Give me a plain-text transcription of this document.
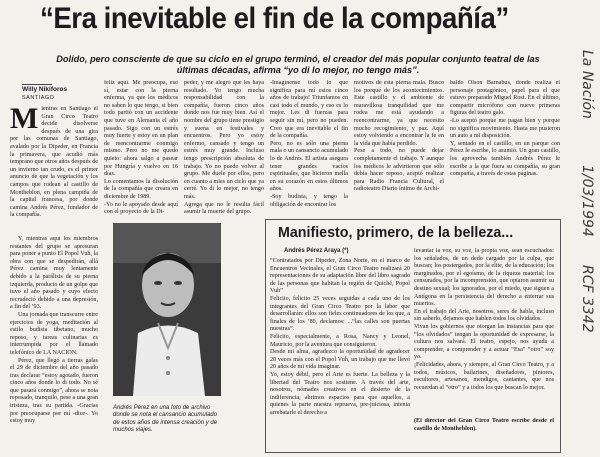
“Era inevitable el fin de la compañía”
Dolido, pero consciente de que su ciclo en el grupo terminó, el creador del más popular conjunto teatral de las últimas décadas, afirma “yo di lo mejor, no tengo más”.
Willy Nikiforos
SANTIAGO
Mientras en Santiago el Gran Circo Teatro decide disolverse después de una gira por las comunas de Santiago, avalado por la Dipeder, en Francia la primavera, que acudió más temprano que otros años después de un invierno tan crudo, es el primer anuncio de que la vegetación y los campos que rodean al castillo de Montheblon, en plena campiña de la capital francesa, por donde camina Andrés Pérez, fundador de la compañía.

Y, mientras aquí los miembros restantes del grupo se apresuran para poner a punto El Popol Vuh, la obra con que se despedirán, allá Pérez camina muy lentamente debido a la parálisis de su pierna izquierda, producto de un golpe que tuvo el año pasado y cuyo efecto recrudeció debido a una depresión, a fin del ’93.

Una jornada que transcurre entre ejercicios de yoga, meditación al estilo budista tibetano, mucho reposo, y tareas culinarias es interrumpida por el llamado telefónico de LA NACION.

Pérez, que llegó a tierras galas el 29 de diciembre del año pasado tras declarar “estoy agotado, fueron cinco años donde lo di todo. No sé que pasará conmigo”, ahora se nota reposado, tranquilo, pese a una gran tristeza, tras su partida. -Gracias por preocuparse por mí -dice-. Yo estoy muy

feliz aquí. Me preocupa, eso sí, estar con la pierna enferma, ya que los médicos no saben lo que tengo, si bien todo partió con un accidente que tuve en Alemania el año pasado. Sigo con un estrés muy fuerte y estoy en un plan de reencontrarme conmigo mismo. Pero no me quedo quieto: ahora salgo a pasear por Hungría y vuelvo en 16 días.
Lo comentamos la disolución de la compañía que creara en diciembre de 1989.
-Yo no le apoyado desde aquí con el proyecto de la Di-

peder, y me alegró que les haya resultado. Yo tengo mucha responsabilidad con la compañía, fueron cinco años donde nos fue muy bien. Así el nombre del grupo tiene prestigio y suena en festivales y encuentros. Pero yo estoy enfermo, cansado y tengo un estrés muy grande. Incluso tengo prescripción absoluta de trabajo. Yo no puedo volver al grupo. Me duele por ellos, pero en cuanto a mies un ciclo que ya cerré. Yo di lo mejor, no tengo más.
Agrega que no le resulta fácil asumir la muerte del grupo.

-Imagínense todo lo que significa para mí estos cinco años de trabajo! Triunfamos en casi todo el mundo, y eso es lo mejor. Les di fuerzas para seguir sin mí, pero no pueden. Creo que era inevitable el fin de la compañía.
Pero, no es sólo una pierna mala o un cansancio acumulado lo de Andrés. El artista asegura tener grandes vacíos espirituales, que hicieron mella en su corazón en estos últimos años.
-Soy budista, y tengo la obligación de encontrar los

motivos de esta pierna mala. Busco los porqué de los acontecimientos. Este castillo y el ambiente de maravillosa tranquilidad que me rodea me está ayudando a reencontrarme, ya que necesito mucho recogimiento, y paz. Aquí estoy volviendo a encontrar la fe en la vida que había perdido.
Pese a todo, no puede dejar completamente el trabajo. Y aunque los médicos le advirtieron que sólo debía hacer reposo, aceptó realizar para Radio Francia Cultural, el radioteatro Diario íntimo de Archi-

baldo Olson Barnabus, donde realiza el personaje protagónico, papel para el que estuvo preparado Miguel Rost. En el último, compartir micrófono con nueve primeras figuras del teatro galo.
-Lo aceptó porque me pagan bien y porque no significa movimiento. Hasta me pusieron un auto a mi disposición.
Y, sentado en el castillo, en un parque con Pérez le escribe, lo asumió. Un gran castillo, los aprovecha también Andrés Pérez le escribe a la que fuera su compañía, su gran compañía, a través de estas páginas.

Andrés Pérez en una foto de archivo donde se nota el cansancio acumulado de estos años de intensa creación y de muchos viajes.
Manifiesto, primero, de la belleza...
Andrés Pérez Araya (*)

“Contratados por Dipeder, Zona Norte, en el marco de Encuentros Vecinales, el Gran Circo Teatro realizará 20 representaciones de su adaptación libre del libro sagrado de las personas que habitan la región de Quiché, Popol Vuh”
Felicito, felicito 25 veces seguidas a cada uno de los integrantes del Gran Circo Teatro por la labor que desarrollarán: ellos son fieles continuadores de los que, a finales de los ’80, declamos: ...“las calles son puertas nuestras”.
Felicito, especialmente, a Rosa, Nancy y Leonel, Mauricio, por la aventura que consiguieron.
Desde mi alma, agradezco la oportunidad de agradecer 20 veces más con el Popol Vuh, un trabajo que me llevó 20 años de mi vida imaginar.
Yo, estoy débil, pero el Arte es fuerte. La belleza y la libertad del Teatro nos sostiene. A través del arte, nosotros, nómades creativos en el desierto de la indiferencia, abrimos espacios para que aquellos, a quienes la parte nuestra reprueva, pre-juiciosa, intenta arrebatarle el derecho a

levantar la voz, su voz, la propia voz, sean escuchados: los señalados, de un dedo cargado por la culpa, que buscan; los postergados, por la elite, de la educación; los marginados, por el egoísmo, de la riqueza material; los censurados, por la incomprensión, que optaron asumir su destino sexual; los ignorados, por el miedo, que siguen a Antígona en la persistencia del derecho a enterrar sus muertos.
En el trabajo del Arte, nosotros, seres de habla, incluso sin saberlo, dejamos que hablen todos los olvidados.
Vivan los gobiernos que otorgan las instancias para que “los olvidados” tengan la oportunidad de expresarse, la cultura nos salvará. El teatro, espejo, nos ayuda a comprender, a comprender y a actuar “Esa” “otro” soy yo.
¡Felicidades, ahora, y siempre, al Gran Circo Teatro, y a todos, músicos, bailarines, diseñadores, pintores, escultores, artesanos, mendigos, cantantes, que nos recuerdan al “otro” y a todos los que buscan lo mejor.

(El director del Gran Circo Teatro escribe desde el castillo de Montheblon).
La Nación
1/03/1994
RCF 3342
